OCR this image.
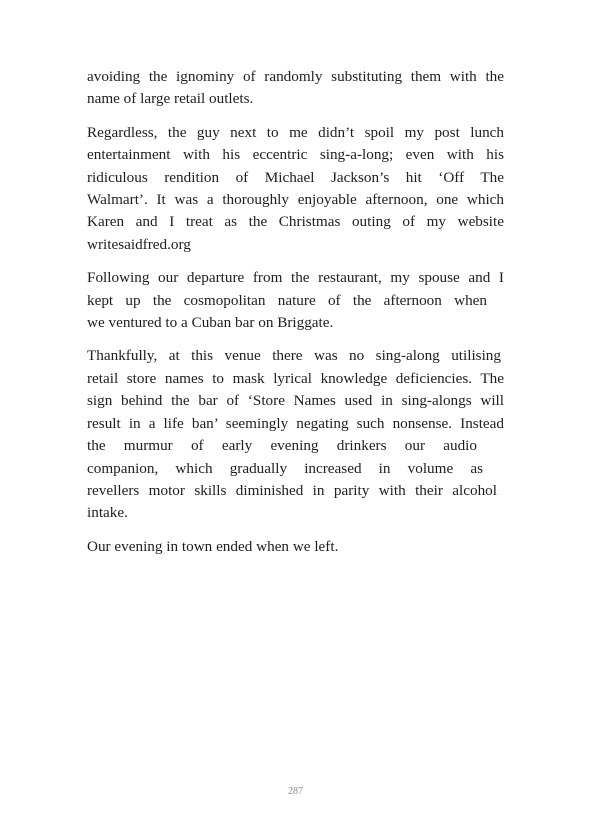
avoiding the ignominy of randomly substituting them with the
name of large retail outlets.

Regardless, the guy next to me didn’t spoil my post lunch
entertainment with his eccentric sing-a-long; even with his
ridiculous rendition of Michael Jackson’s hit ‘Off The
Walmart’. It was a thoroughly enjoyable afternoon, one which
Karen and I treat as the Christmas outing of my website
writesaidfred.org

Following our departure from the restaurant, my spouse and I
kept up the cosmopolitan nature of the afternoon when
we ventured to a Cuban bar on Briggate.

Thankfully, at this venue there was no sing-along utilising
retail store names to mask lyrical knowledge deficiencies. The
sign behind the bar of ‘Store Names used in sing-alongs will
result in a life ban’ seemingly negating such nonsense. Instead
the murmur of early evening drinkers our audio
companion, which gradually increased in volume as
revellers motor skills diminished in parity with their alcohol
intake.

Our evening in town ended when we left.

287
